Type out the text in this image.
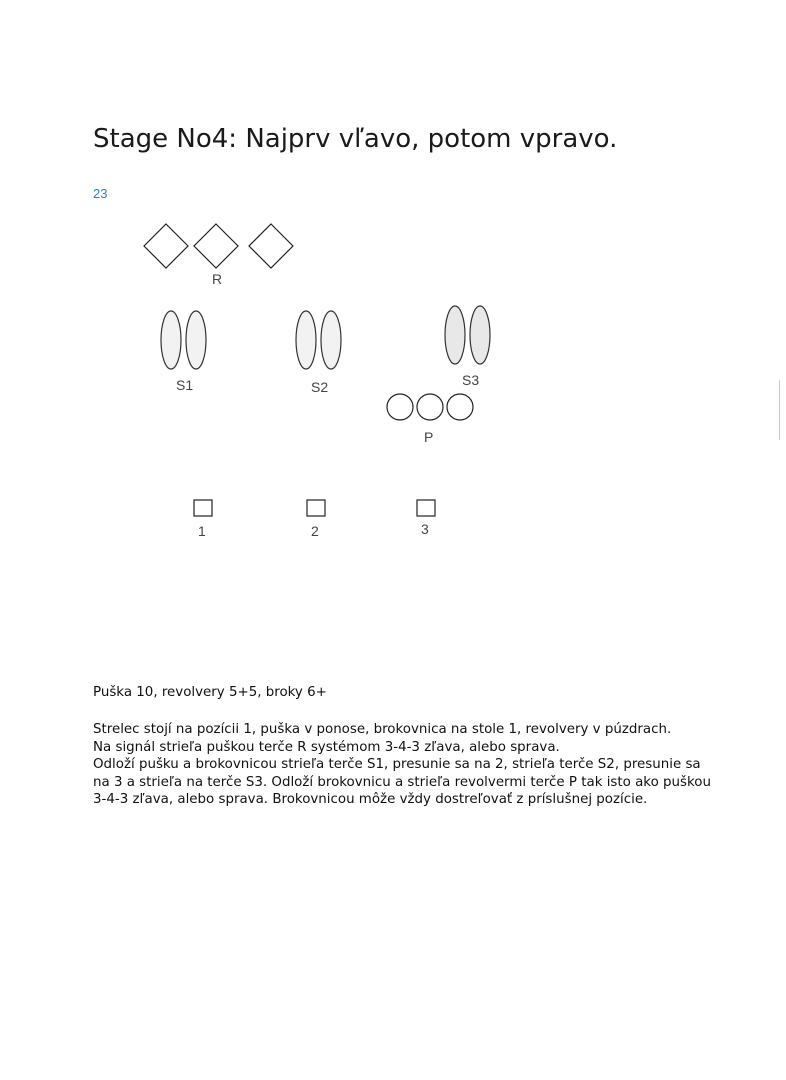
Stage No4: Najprv vľavo, potom vpravo.
23
R
S1	S2	S3
P
1	2	3

Puška 10, revolvery 5+5, broky 6+

Strelec stojí na pozícii 1, puška v ponose, brokovnica na stole 1, revolvery v púzdrach.

Na signál strieľa puškou terče R systémom 3-4-3 zľava, alebo sprava.

Odloží pušku a brokovnicou strieľa terče S1, presunie sa na 2, strieľa terče S2, presunie sa

na 3 a strieľa na terče S3. Odloží brokovnicu a strieľa revolvermi terče P tak isto ako puškou

3-4-3 zľava, alebo sprava. Brokovnicou môže vždy dostreľovať z príslušnej pozície.
